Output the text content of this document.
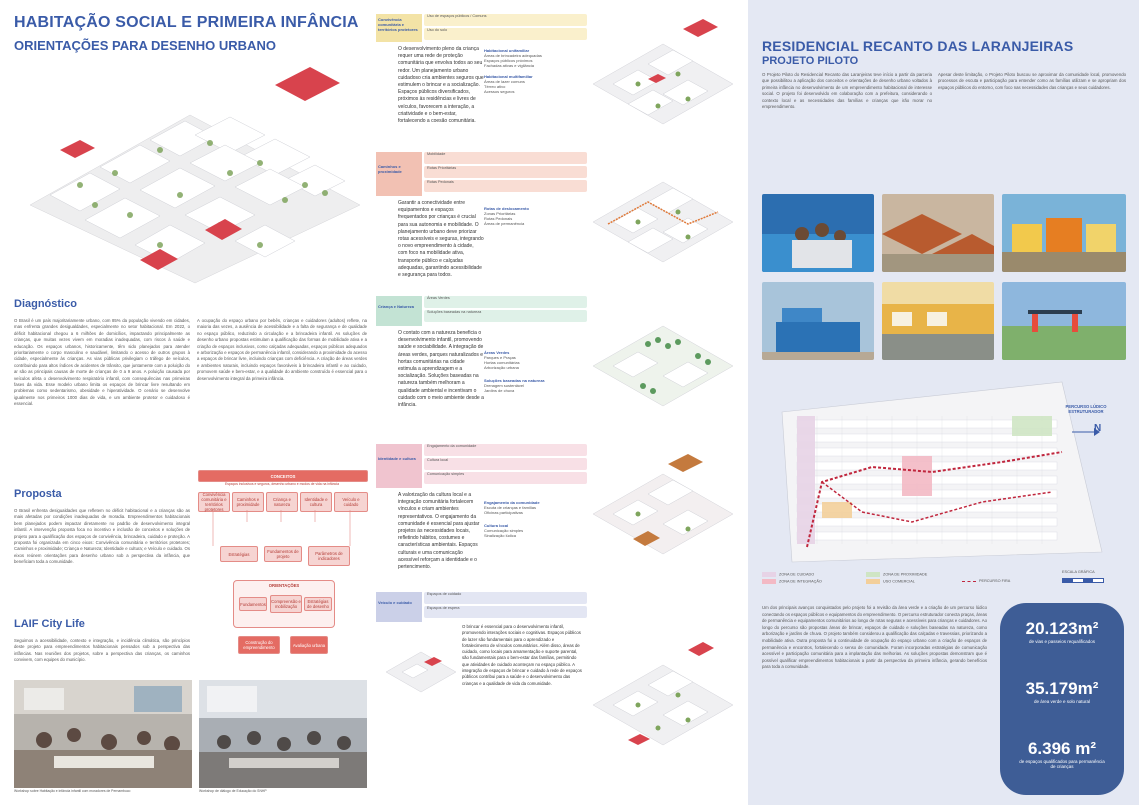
HABITAÇÃO SOCIAL E PRIMEIRA INFÂNCIA
ORIENTAÇÕES PARA DESENHO URBANO
Diagnóstico
O Brasil é um país majoritariamente urbano, com 85% da população vivendo em cidades, mas enfrenta grandes desigualdades, especialmente no setor habitacional. Em 2022, o déficit habitacional chegou a 6 milhões de domicílios, impactando principalmente as crianças, que muitas vezes vivem em moradias inadequadas, com riscos à saúde e educação. Os espaços urbanos, historicamente, têm sido planejados para atender prioritariamente o corpo masculino e saudável, limitando o acesso de outros grupos à cidade, especialmente às crianças. As vias públicas privilegiam o tráfego de veículos, contribuindo para altos índices de acidentes de trânsito, que juntamente com a poluição do ar são as principais causas de morte de crianças de 0 a 9 anos. A poluição causada por veículos afeta o desenvolvimento respiratório infantil, com consequências nas primeiras fases da vida. Esse modelo urbano limita os espaços de brincar livre resultando em problemas como sedentarismo, obesidade e hiperatividade. O cenário se desenvolve igualmente nos primeiros 1000 dias de vida, e um ambiente protetor e cuidadoso é essencial.
A ocupação do espaço urbano por bebês, crianças e cuidadores (adultos) reflete, na maioria das vezes, a ausência de acessibilidade e a falta de segurança e de qualidade no espaço público, reduzindo a circulação e a brincadeira infantil. As soluções de desenho urbano propostas estimulam a qualificação das formas de mobilidade ativa e a criação de espaços inclusivos, como calçadas adequadas, espaços públicos adequados e arborização e espaços de permanência infantil, considerando a proximidade do acesso a espaços de brincar livre, incluindo crianças com deficiência. A criação de áreas verdes e ambientes naturais, incluindo espaços favoráveis à brincadeira infantil e ao cuidado, promovem saúde e bem-estar, e a qualidade do ambiente construído é essencial para o desenvolvimento integral da primeira infância.
Proposta
O Brasil enfrenta desigualdades que refletem no déficit habitacional e a crianças são as mais afetadas por condições inadequadas de moradia. Empreendimentos habitacionais bem planejados podem impactar diretamente no padrão de desenvolvimento integral infantil. A intervenção proposta foca no incentivo e inclusão de conceitos e soluções de projeto para a qualificação dos espaços de convivência, brincadeira, cuidado e proteção. A proposta foi organizada em cinco eixos: Convivência comunitária e territórios protetores; Caminhos e proximidade; Criança e Natureza; Identidade e cultura; e Veículo e cuidado. Os eixos reúnem orientações para desenho urbano sob a perspectiva da infância, que beneficiam toda a comunidade.
CONCEITOS
Espaços inclusivos e seguros, desenho urbano e modos de vida na infância
Convivência comunitária e territórios protetores
Caminhos e proximidade
Criança e natureza
Identidade e cultura
Veículo e cuidado
Estratégias	Fundamentos de projeto
Parâmetros de indicadores
ORIENTAÇÕES
Fundamentos Compreensão e mobilização
Estratégias de desenho
Construção do empreendimento	Avaliação urbana
LAIF City Life
Seguimos a acessibilidade, contexto e integração, e incidência climática, são princípios deste projeto para empreendimentos habitacionais pensados sob a perspectiva das infâncias. Nas reuniões dos projetos, sobre a perspectiva das crianças, os caminhos convivem, com equipes do município.
Workshop sobre Habitação e infância infantil com moradores de Pernambuco	Workshop de diálogo de Educação do SNHP
Convivência comunitária e territórios protetores
Uso de espaços públicos / Comuns
Uso do solo
O desenvolvimento pleno da criança requer uma rede de proteção comunitária que envolva todos ao seu redor. Um planejamento urbano cuidadoso cria ambientes seguros que estimulem o brincar e a socialização. Espaços públicos diversificados, próximos às residências e livres de veículos, favorecem a interação, a criatividade e o bem-estar, fortalecendo a coesão comunitária.
Habitacional unifamiliar
Áreas de brincadeira adequadas
Espaços públicos próximos
Fachadas ativas e vigilância
Habitacional multifamiliar
Áreas de lazer comuns
Térreo ativo
Acessos seguros
Caminhos e proximidade
Mobilidade
Rotas Prioritárias
Rotas Pedonais
Garantir a conectividade entre equipamentos e espaços frequentados por crianças é crucial para sua autonomia e mobilidade. O planejamento urbano deve priorizar rotas acessíveis e seguras, integrando o novo empreendimento à cidade, com foco na mobilidade ativa, transporte público e calçadas adequadas, garantindo acessibilidade e segurança para todos.
Rotas de deslocamento
Zonas Prioritárias
Rotas Pedonais
Áreas de permanência
Criança e Natureza
Áreas Verdes
Soluções baseadas na natureza
O contato com a natureza beneficia o desenvolvimento infantil, promovendo saúde e sociabilidade. A integração de áreas verdes, parques naturalizados e hortas comunitárias na cidade estimula a aprendizagem e a socialização. Soluções baseadas na natureza também melhoram a qualidade ambiental e incentivam o cuidado com o meio ambiente desde a infância.
Áreas Verdes
Parques e Praças
Hortas comunitárias
Arborização urbana
Soluções baseadas na natureza
Drenagem sustentável
Jardins de chuva
Identidade e cultura
Engajamento da comunidade
Cultura local
Comunicação simples
A valorização da cultura local e a integração comunitária fortalecem vínculos e criam ambientes representativos. O engajamento da comunidade é essencial para ajustar projetos às necessidades locais, refletindo hábitos, costumes e características ambientais. Espaços culturais e uma comunicação acessível reforçam a identidade e o pertencimento.
Engajamento da comunidade
Escuta de crianças e famílias
Oficinas participativas
Cultura local
Comunicação simples
Sinalização lúdica
Veículo e cuidado
Espaços de cuidado
Espaços de espera
O brincar é essencial para o desenvolvimento infantil, promovendo interações sociais e cognitivas. Espaços públicos de lazer são fundamentais para o aprendizado e fortalecimento de vínculos comunitários. Além disso, áreas de cuidado, como locais para amamentação e suporte parental, são fundamentais para o bem-estar das famílias, permitindo que atividades de cuidado aconteçam no espaço público. A integração de espaços de brincar e cuidado à rede de espaços públicos contribui para a saúde e o desenvolvimento das crianças e a qualidade de vida da comunidade.
RESIDENCIAL RECANTO DAS LARANJEIRAS
PROJETO PILOTO
O Projeto Piloto do Residencial Recanto das Laranjeiras teve início a partir da parceria que possibilitou a aplicação dos conceitos e orientações de desenho urbano voltados à primeira infância no desenvolvimento de um empreendimento habitacional de interesse social. O projeto foi desenvolvido em colaboração com a prefeitura, considerando o contexto local e as necessidades das famílias e crianças que irão morar no empreendimento.
Apesar deste limitação, o Projeto Piloto buscou se aproximar da comunidade local, promovendo processos de escuta e participação para entender como as famílias utilizam e se apropriam dos espaços públicos do entorno, com foco nas necessidades das crianças e seus cuidadores.
PERCURSO LÚDICO ESTRUTURADOR
N
ZONA DE CUIDADO
ZONA DE INTEGRAÇÃO
ZONA DE PROXIMIDADE
USO COMERCIAL	PERCURSO FIRA
ESCALA GRÁFICA
Um dos principais avanços conquistados pelo projeto foi a revisão da área verde e a criação de um percurso lúdico conectando os espaços públicos e equipamentos do empreendimento. O percurso estruturador conecta praças, áreas de permanência e equipamentos comunitários ao longo de rotas seguras e acessíveis para crianças e cuidadores. Ao longo do percurso são propostas áreas de brincar, espaços de cuidado e soluções baseadas na natureza, como arborização e jardins de chuva. O projeto também considerou a qualificação das calçadas e travessias, priorizando a mobilidade ativa. Outra proposta foi a continuidade de ocupação do espaço urbano com a criação de espaços de permanência e encontros, fortalecendo o senso de comunidade. Foram incorporadas estratégias de comunicação acessível e participação comunitária para a implantação das melhorias. As soluções propostas demonstram que é possível qualificar empreendimentos habitacionais a partir da perspectiva da primeira infância, gerando benefícios para toda a comunidade.
20.123m²
de vias e passeios requalificados
35.179m²
de área verde e solo natural
6.396 m²
de espaços qualificados para permanência de crianças
